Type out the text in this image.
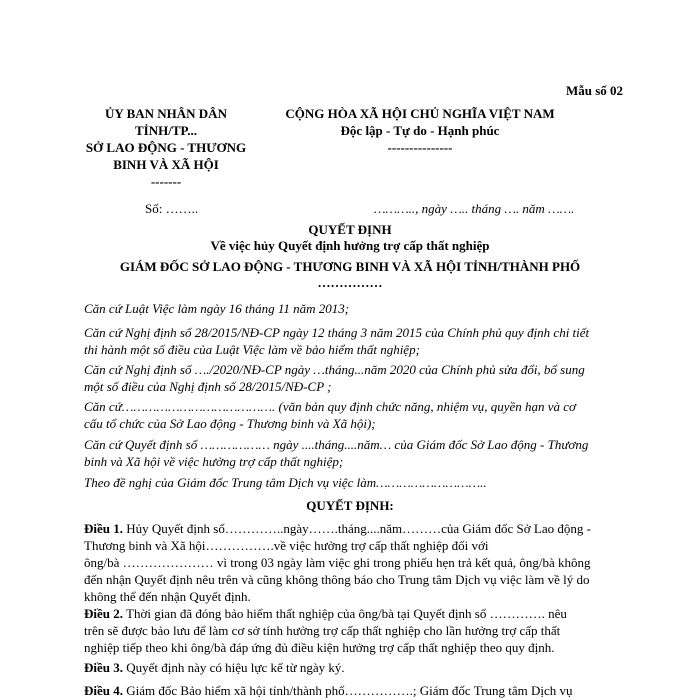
Mẫu số 02
ỦY BAN NHÂN DÂN
TỈNH/TP...
SỞ LAO ĐỘNG - THƯƠNG
BINH VÀ XÃ HỘI
-------
CỘNG HÒA XÃ HỘI CHỦ NGHĨA VIỆT NAM
Độc lập - Tự do - Hạnh phúc
---------------
Số: ……..	……….., ngày ….. tháng …. năm …….
QUYẾT ĐỊNH
Về việc hủy Quyết định hưởng trợ cấp thất nghiệp
GIÁM ĐỐC SỞ LAO ĐỘNG - THƯƠNG BINH VÀ XÃ HỘI TỈNH/THÀNH PHỐ
……………
Căn cứ Luật Việc làm ngày 16 tháng 11 năm 2013;
Căn cứ Nghị định số 28/2015/NĐ-CP ngày 12 tháng 3 năm 2015 của Chính phủ quy định chi tiết
thi hành một số điều của Luật Việc làm về bảo hiểm thất nghiệp;
Căn cứ Nghị định số …./2020/NĐ-CP ngày …tháng...năm 2020 của Chính phủ sửa đổi, bổ sung
một số điều của Nghị định số 28/2015/NĐ-CP ;
Căn cứ…………………………………. (văn bản quy định chức năng, nhiệm vụ, quyền hạn và cơ
cấu tổ chức của Sở Lao động - Thương binh và Xã hội);
Căn cứ Quyết định số ……………… ngày ....tháng....năm… của Giám đốc Sở Lao động - Thương
binh và Xã hội về việc hưởng trợ cấp thất nghiệp;
Theo đề nghị của Giám đốc Trung tâm Dịch vụ việc làm………………………..
QUYẾT ĐỊNH:
Điều 1. Hủy Quyết định số…………..ngày…….tháng....năm………của Giám đốc Sở Lao động -
Thương binh và Xã hội…………….về việc hưởng trợ cấp thất nghiệp đối với
ông/bà ………………… vì trong 03 ngày làm việc ghi trong phiếu hẹn trả kết quả, ông/bà không
đến nhận Quyết định nêu trên và cũng không thông báo cho Trung tâm Dịch vụ việc làm về lý do
không thể đến nhận Quyết định.
Điều 2. Thời gian đã đóng bảo hiểm thất nghiệp của ông/bà tại Quyết định số …………. nêu
trên sẽ được bảo lưu để làm cơ sở tính hưởng trợ cấp thất nghiệp cho lần hưởng trợ cấp thất
nghiệp tiếp theo khi ông/bà đáp ứng đủ điều kiện hưởng trợ cấp thất nghiệp theo quy định.
Điều 3. Quyết định này có hiệu lực kể từ ngày ký.
Điều 4. Giám đốc Bảo hiểm xã hội tỉnh/thành phố…………….; Giám đốc Trung tâm Dịch vụ
